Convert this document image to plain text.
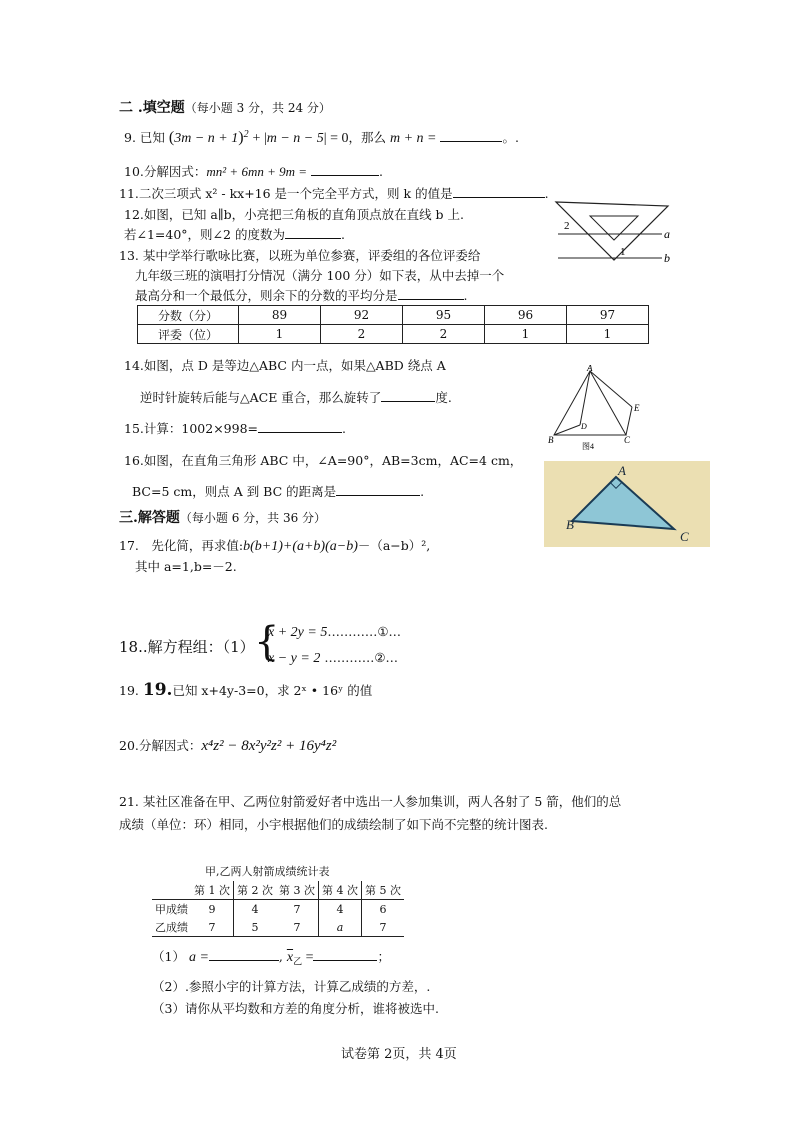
二 .填空题（每小题 3 分，共 24 分）
9. 已知 $(3m - n + 1)^2 + |m - n - 5| = 0$，那么 m + n =	。.
10.分解因式：mn² + 6mn + 9m =	.
11.二次三项式 x² - kx+16 是一个完全平方式，则 k 的值是	.
12.如图，已知 a∥b，小亮把三角板的直角顶点放在直线 b 上.
若∠1=40°，则∠2 的度数为	.
2
1
a
b
13. 某中学举行歌咏比赛，以班为单位参赛，评委组的各位评委给
九年级三班的演唱打分情况（满分 100 分）如下表，从中去掉一个
最高分和一个最低分，则余下的分数的平均分是	.
分数（分）	89	92	95	96	97
评委（位）	1	2	2	1	1
14.如图，点 D 是等边△ABC 内一点，如果△ABD 绕点 A
逆时针旋转后能与△ACE 重合，那么旋转了	度.
A
B	C
D
E
图4
15.计算：1002×998=	.
16.如图，在直角三角形 ABC 中，∠A=90°，AB=3cm，AC=4 cm，
BC=5 cm，则点 A 到 BC 的距离是	.
A
B
C
三.解答题（每小题 6 分，共 36 分）
17.　先化简，再求值:b(b+1)+(a+b)(a−b)－（a−b）²,
其中 a=1,b=－2.
18..解方程组：（1） {
x + 2y = 5…………①…
x − y = 2 …………②…
19. 19.已知 x+4y-3=0，求 2ˣ • 16ʸ 的值
20.分解因式：x⁴z² − 8x²y²z² + 16y⁴z²
21. 某社区准备在甲、乙两位射箭爱好者中选出一人参加集训，两人各射了 5 箭，他们的总
成绩（单位：环）相同，小宇根据他们的成绩绘制了如下尚不完整的统计图表.
甲,乙两人射箭成绩统计表
	第 1 次	第 2 次	第 3 次	第 4 次	第 5 次
甲成绩	9	4	7	4	6
乙成绩	7	5	7	a	7
（1） a =	, $\overline{x}_乙$ =	；
（2）.参照小宇的计算方法，计算乙成绩的方差，.
（3）请你从平均数和方差的角度分析，谁将被选中.
试卷第 2页，共 4页
